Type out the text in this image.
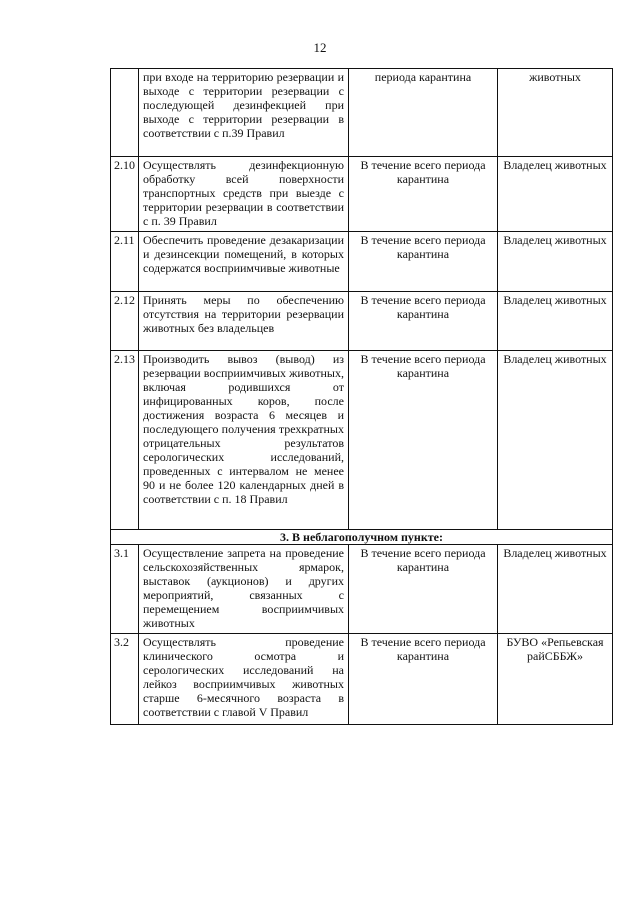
12
	при входе на территорию резервации и выходе с территории резервации с последующей дезинфекцией при выходе с территории резервации в соответствии с п.39 Правил	периода карантина	животных
2.10	Осуществлять дезинфекционную обработку всей поверхности транспортных средств при выезде с территории резервации в соответствии с п. 39 Правил	В течение всего периода карантина	Владелец животных
2.11	Обеспечить проведение дезакаризации и дезинсекции помещений, в которых содержатся восприимчивые животные	В течение всего периода карантина	Владелец животных
2.12	Принять меры по обеспечению отсутствия на территории резервации животных без владельцев	В течение всего периода карантина	Владелец животных
2.13	Производить вывоз (вывод) из резервации восприимчивых животных, включая родившихся от инфицированных коров, после достижения возраста 6 месяцев и последующего получения трехкратных отрицательных результатов серологических исследований, проведенных с интервалом не менее 90 и не более 120 календарных дней в соответствии с п. 18 Правил	В течение всего периода карантина	Владелец животных
3. В неблагополучном пункте:			
3.1	Осуществление запрета на проведение сельскохозяйственных ярмарок, выставок (аукционов) и других мероприятий, связанных с перемещением восприимчивых животных	В течение всего периода карантина	Владелец животных
3.2	Осуществлять проведение клинического осмотра и серологических исследований на лейкоз восприимчивых животных старше 6-месячного возраста в соответствии с главой V Правил	В течение всего периода карантина	БУВО «Репьевская райСББЖ»
